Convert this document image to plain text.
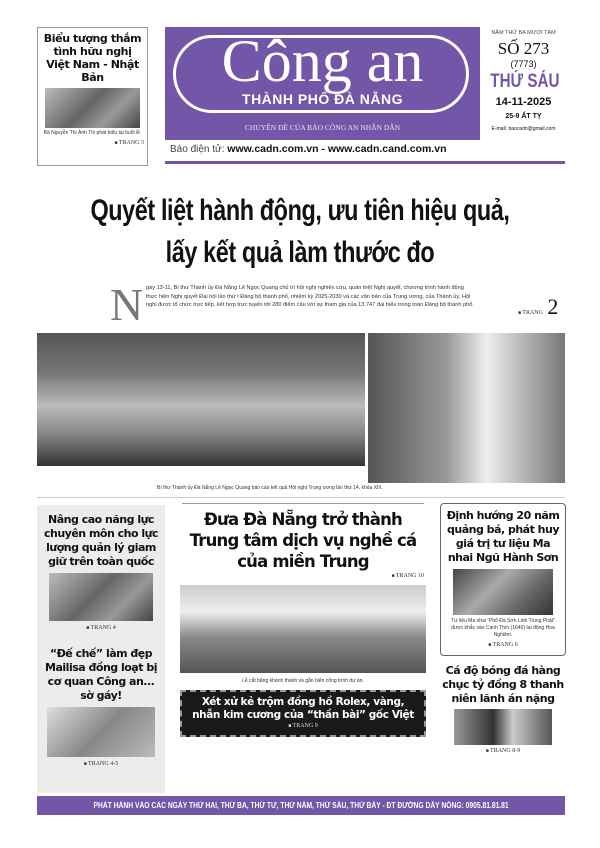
Biểu tượng thắm tình hữu nghị Việt Nam - Nhật Bản
Bà Nguyễn Thị Ánh Thi phát biểu tại buổi lễ.
■ TRANG 3
Công an
THÀNH PHỐ ĐÀ NẴNG
CHUYÊN ĐỀ CỦA BÁO CÔNG AN NHÂN DÂN
Báo điện tử: www.cadn.com.vn - www.cadn.cand.com.vn
NĂM THỨ BA MƯƠI TÁM
SỐ 273
(7773)
THỨ SÁU
14-11-2025
25-9 ẤT TỴ
E-mail: baocadn@gmail.com
Quyết liệt hành động, ưu tiên hiệu quả,
lấy kết quả làm thước đo
N gày 13-11, Bí thư Thành ủy Đà Nẵng Lê Ngọc Quang chủ trì hội nghị nghiên cứu, quán triệt Nghị quyết, chương trình hành động thực hiện Nghị quyết Đại hội lần thứ I Đảng bộ thành phố, nhiệm kỳ 2025-2030 và các văn bản của Trung ương, của Thành ủy. Hội nghị được tổ chức trực tiếp, kết hợp trực tuyến tới 280 điểm cầu với sự tham gia của 13.747 đại biểu trong toàn Đảng bộ thành phố.

■ TRANG 2
Bí thư Thành ủy Đà Nẵng Lê Ngọc Quang báo cáo kết quả Hội nghị Trung ương lần thứ 14, khóa XIII.
Nâng cao năng lực chuyên môn cho lực lượng quản lý giam giữ trên toàn quốc
■ TRANG 4
“Đế chế” làm đẹp Mailisa đồng loạt bị cơ quan Công an... sờ gáy!
■ TRANG 4-5
Đưa Đà Nẵng trở thành Trung tâm dịch vụ nghề cá của miền Trung
■ TRANG 10
Lễ cắt băng khánh thành và gắn biển công trình dự án.
Xét xử kẻ trộm đồng hồ Rolex, vàng, nhẫn kim cương của “thần bài” gốc Việt
■ TRANG 9
Định hướng 20 năm quảng bá, phát huy giá trị tư liệu Ma nhai Ngũ Hành Sơn
Tư liệu Ma nhai “Phổ Đà Sơn Linh Trung Phật” được khắc vào Canh Thìn (1640) tại động Hoa Nghiêm.
■ TRANG 6
Cá độ bóng đá hàng chục tỷ đồng 8 thanh niên lãnh án nặng
■ TRANG 8-9
PHÁT HÀNH VÀO CÁC NGÀY THỨ HAI, THỨ BA, THỨ TƯ, THỨ NĂM, THỨ SÁU, THỨ BẢY - ĐT ĐƯỜNG DÂY NÓNG: 0905.81.81.81
